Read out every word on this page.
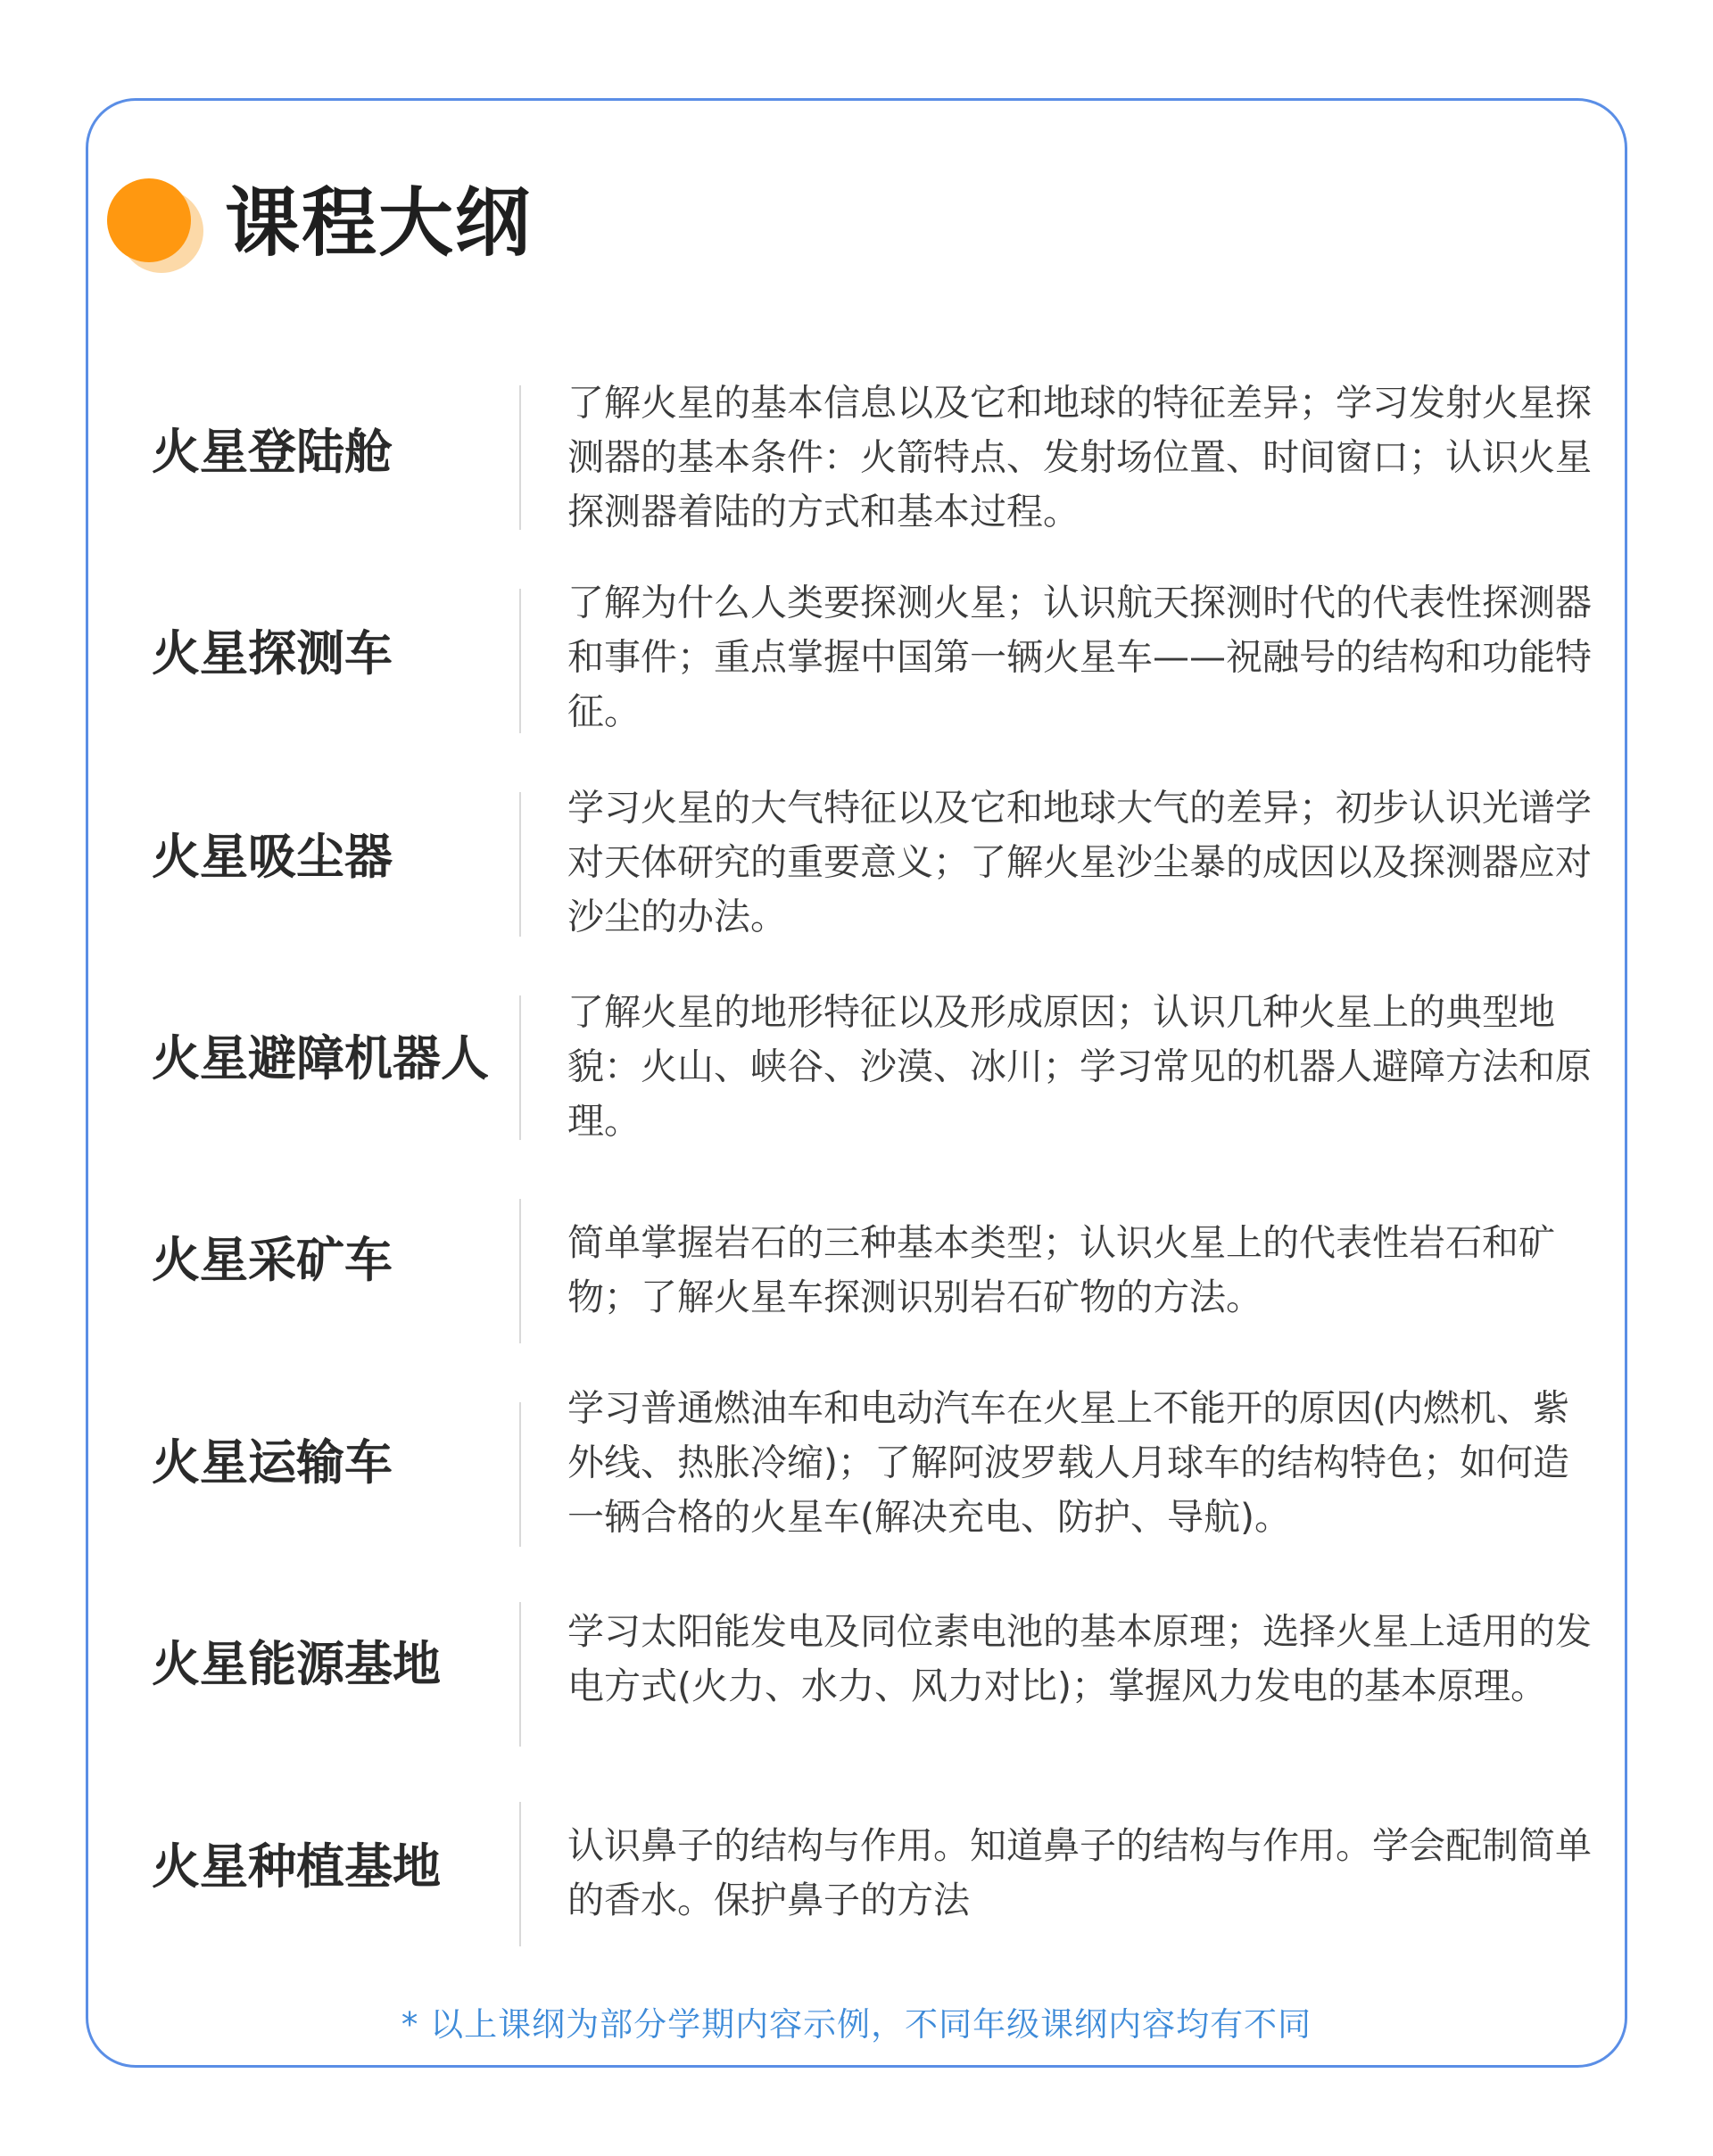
课程大纲
火星登陆舱
了解火星的基本信息以及它和地球的特征差异；学习发射火星探测器的基本条件：火箭特点、发射场位置、时间窗口；认识火星探测器着陆的方式和基本过程。
火星探测车
了解为什么人类要探测火星；认识航天探测时代的代表性探测器和事件；重点掌握中国第一辆火星车——祝融号的结构和功能特征。
火星吸尘器
学习火星的大气特征以及它和地球大气的差异；初步认识光谱学对天体研究的重要意义；了解火星沙尘暴的成因以及探测器应对沙尘的办法。
火星避障机器人
了解火星的地形特征以及形成原因；认识几种火星上的典型地貌：火山、峡谷、沙漠、冰川；学习常见的机器人避障方法和原理。
火星采矿车	简单掌握岩石的三种基本类型；认识火星上的代表性岩石和矿物；了解火星车探测识别岩石矿物的方法。
火星运输车
学习普通燃油车和电动汽车在火星上不能开的原因(内燃机、紫外线、热胀冷缩)；了解阿波罗载人月球车的结构特色；如何造一辆合格的火星车(解决充电、防护、导航)。
火星能源基地
学习太阳能发电及同位素电池的基本原理；选择火星上适用的发电方式(火力、水力、风力对比)；掌握风力发电的基本原理。
火星种植基地	认识鼻子的结构与作用。知道鼻子的结构与作用。学会配制简单的香水。保护鼻子的方法
* 以上课纲为部分学期内容示例，不同年级课纲内容均有不同
